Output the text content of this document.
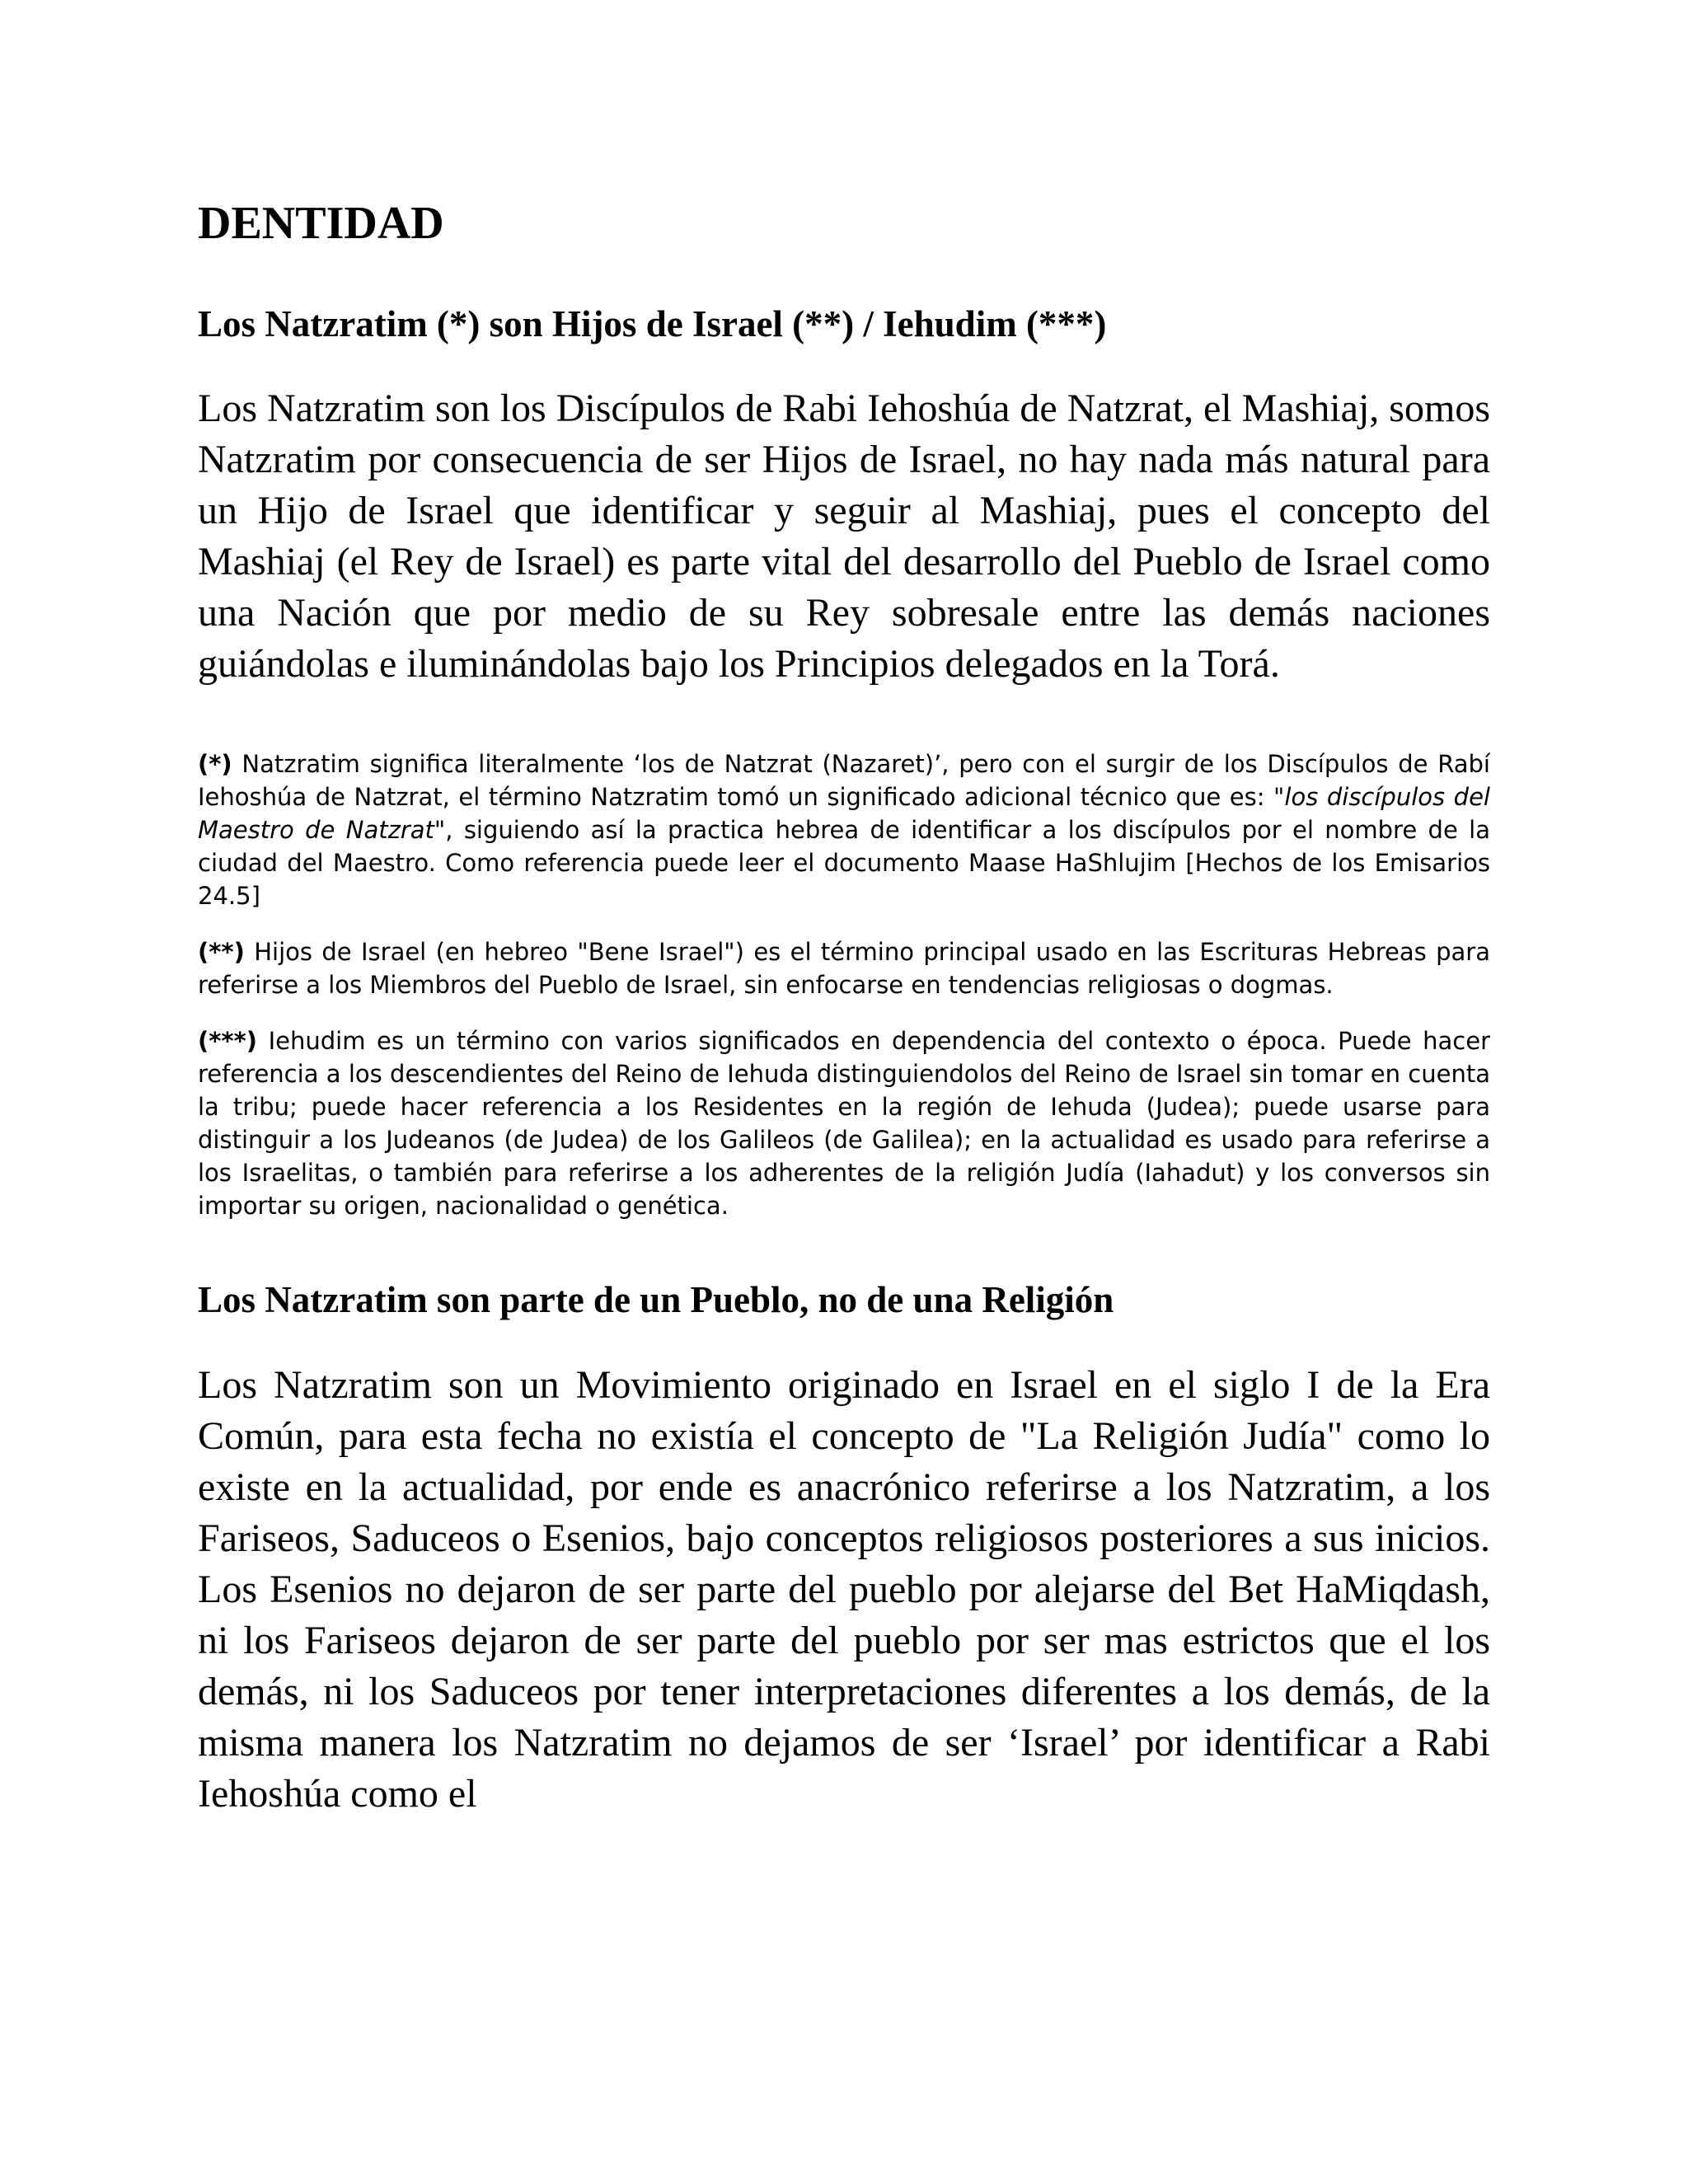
DENTIDAD
Los Natzratim (*) son Hijos de Israel (**) / Iehudim (***)

Los Natzratim son los Discípulos de Rabi Iehoshúa de Natzrat, el Mashiaj, somos Natzratim por consecuencia de ser Hijos de Israel, no hay nada más natural para un Hijo de Israel que identificar y seguir al Mashiaj, pues el concepto del Mashiaj (el Rey de Israel) es parte vital del desarrollo del Pueblo de Israel como una Nación que por medio de su Rey sobresale entre las demás naciones guiándolas e iluminándolas bajo los Principios delegados en la Torá.

(*) Natzratim significa literalmente ‘los de Natzrat (Nazaret)’, pero con el surgir de los Discípulos de Rabí Iehoshúa de Natzrat, el término Natzratim tomó un significado adicional técnico que es: "los discípulos del Maestro de Natzrat", siguiendo así la practica hebrea de identificar a los discípulos por el nombre de la ciudad del Maestro. Como referencia puede leer el documento Maase HaShlujim [Hechos de los Emisarios 24.5]

(**) Hijos de Israel (en hebreo "Bene Israel") es el término principal usado en las Escrituras Hebreas para referirse a los Miembros del Pueblo de Israel, sin enfocarse en tendencias religiosas o dogmas.

(***) Iehudim es un término con varios significados en dependencia del contexto o época. Puede hacer referencia a los descendientes del Reino de Iehuda distinguiendolos del Reino de Israel sin tomar en cuenta la tribu; puede hacer referencia a los Residentes en la región de Iehuda (Judea); puede usarse para distinguir a los Judeanos (de Judea) de los Galileos (de Galilea); en la actualidad es usado para referirse a los Israelitas, o también para referirse a los adherentes de la religión Judía (Iahadut) y los conversos sin importar su origen, nacionalidad o genética.

Los Natzratim son parte de un Pueblo, no de una Religión

Los Natzratim son un Movimiento originado en Israel en el siglo I de la Era Común, para esta fecha no existía el concepto de "La Religión Judía" como lo existe en la actualidad, por ende es anacrónico referirse a los Natzratim, a los Fariseos, Saduceos o Esenios, bajo conceptos religiosos posteriores a sus inicios. Los Esenios no dejaron de ser parte del pueblo por alejarse del Bet HaMiqdash, ni los Fariseos dejaron de ser parte del pueblo por ser mas estrictos que el los demás, ni los Saduceos por tener interpretaciones diferentes a los demás, de la misma manera los Natzratim no dejamos de ser ‘Israel’ por identificar a Rabi Iehoshúa como el
